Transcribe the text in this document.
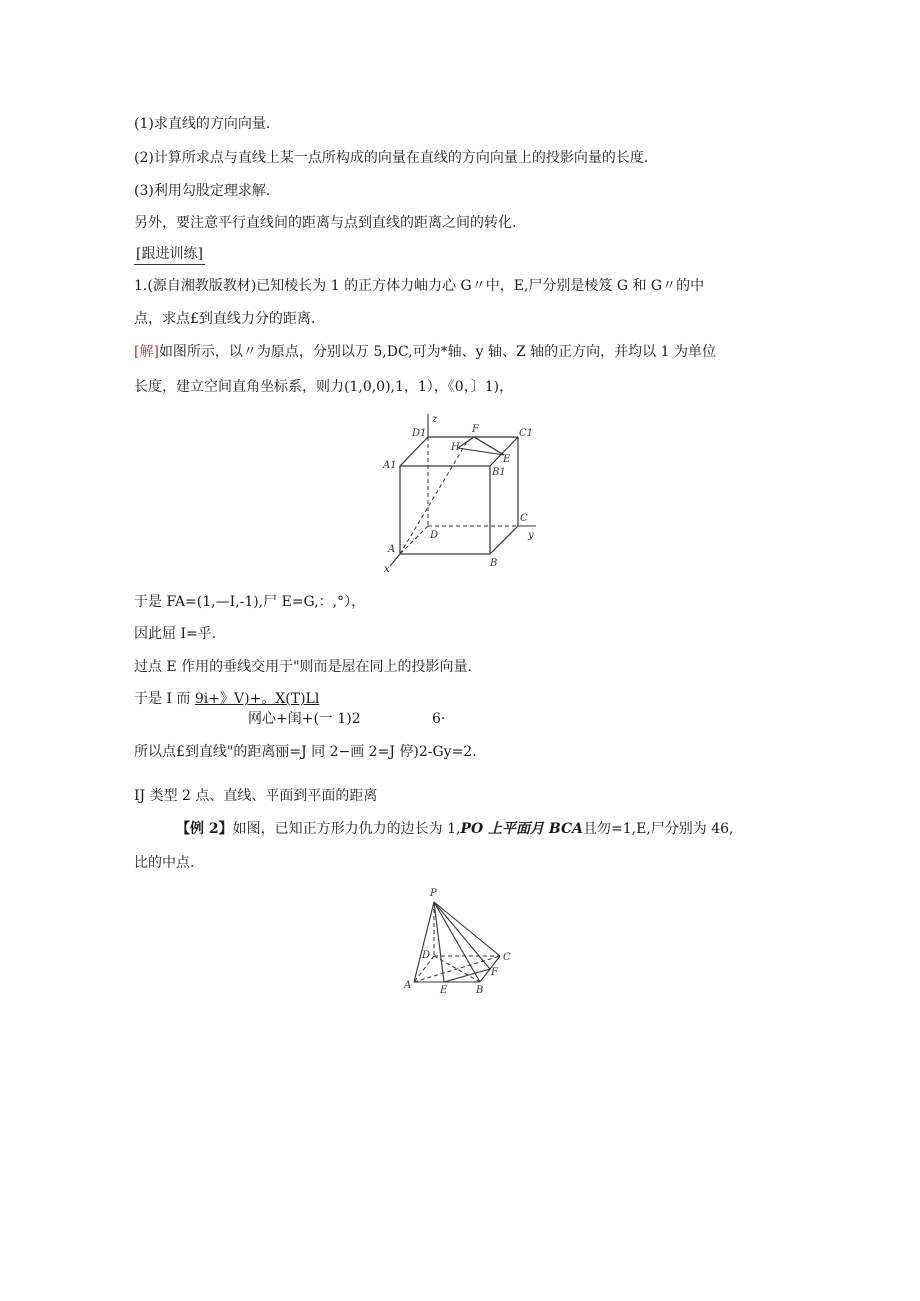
(1)求直线的方向向量.
(2)计算所求点与直线上某一点所构成的向量在直线的方向向量上的投影向量的长度.
(3)利用勾股定理求解.
另外，要注意平行直线间的距离与点到直线的距离之间的转化.
[跟进训练]
1.(源自湘教版教材)已知棱长为 1 的正方体力岫力心 G〃中，E,尸分别是棱笈 G 和 G〃的中
点，求点£到直线力分的距离.
[解]如图所示，以〃为原点，分别以万 5,DC,可为*轴、y 轴、Z 轴的正方向，并均以 1 为单位
长度，建立空间直角坐标系，则力(1,0,0),1，1），《0，〕1)，
z
D1	F	C1
H
E
A1
B1
C
y
D
A
B
x
于是 FA=(1,—I,-1),尸 E=G,：,°），
因此屈 I=乎.
过点 E 作用的垂线交用于"则而是屋在同上的投影向量.
于是 I 而 9i+》V)+。X(T)Ll
网心+闺+(一 1)2	6·
所以点£到直线"的距离丽=J 同 2−画 2=J 停)2-Gy=2.
IJ 类型 2 点、直线、平面到平面的距离
【例 2】如图，已知正方形力仇力的边长为 1,PO 上平面月 BCA且勿=1,E,尸分别为 46,
比的中点.
P
D	C
F
A	E	B
